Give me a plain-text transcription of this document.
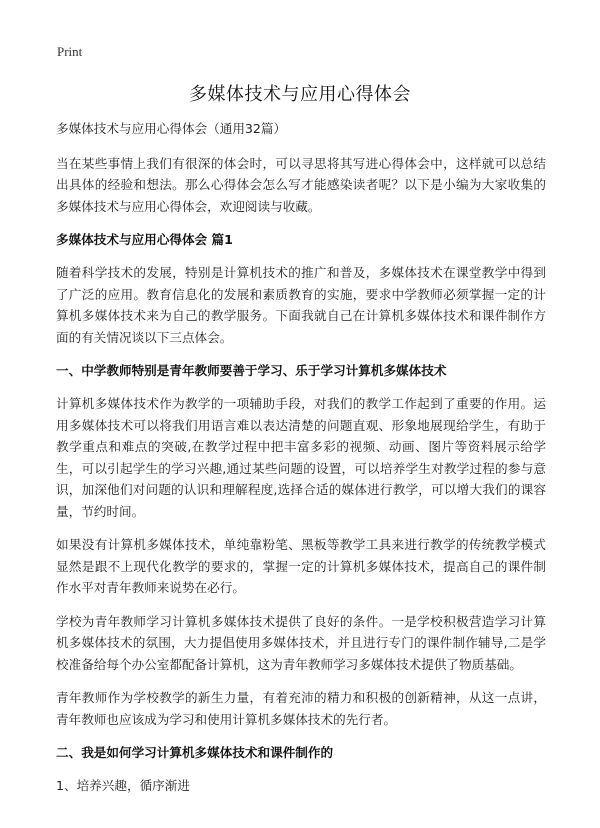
Print
多媒体技术与应用心得体会

多媒体技术与应用心得体会（通用32篇）

当在某些事情上我们有很深的体会时，可以寻思将其写进心得体会中，这样就可以总结出具体的经验和想法。那么心得体会怎么写才能感染读者呢？以下是小编为大家收集的多媒体技术与应用心得体会，欢迎阅读与收藏。

多媒体技术与应用心得体会 篇1

随着科学技术的发展，特别是计算机技术的推广和普及，多媒体技术在课堂教学中得到了广泛的应用。教育信息化的发展和素质教育的实施，要求中学教师必须掌握一定的计算机多媒体技术来为自己的教学服务。下面我就自己在计算机多媒体技术和课件制作方面的有关情况谈以下三点体会。

一、中学教师特别是青年教师要善于学习、乐于学习计算机多媒体技术

计算机多媒体技术作为教学的一项辅助手段，对我们的教学工作起到了重要的作用。运用多媒体技术可以将我们用语言难以表达清楚的问题直观、形象地展现给学生，有助于教学重点和难点的突破,在教学过程中把丰富多彩的视频、动画、图片等资料展示给学生，可以引起学生的学习兴趣,通过某些问题的设置，可以培养学生对教学过程的参与意识，加深他们对问题的认识和理解程度,选择合适的媒体进行教学，可以增大我们的课容量，节约时间。

如果没有计算机多媒体技术，单纯靠粉笔、黑板等教学工具来进行教学的传统教学模式显然是跟不上现代化教学的要求的，掌握一定的计算机多媒体技术，提高自己的课件制作水平对青年教师来说势在必行。

学校为青年教师学习计算机多媒体技术提供了良好的条件。一是学校积极营造学习计算机多媒体技术的氛围，大力提倡使用多媒体技术，并且进行专门的课件制作辅导,二是学校准备给每个办公室都配备计算机，这为青年教师学习多媒体技术提供了物质基础。

青年教师作为学校教学的新生力量，有着充沛的精力和积极的创新精神，从这一点讲，青年教师也应该成为学习和使用计算机多媒体技术的先行者。

二、我是如何学习计算机多媒体技术和课件制作的

1、培养兴趣，循序渐进
